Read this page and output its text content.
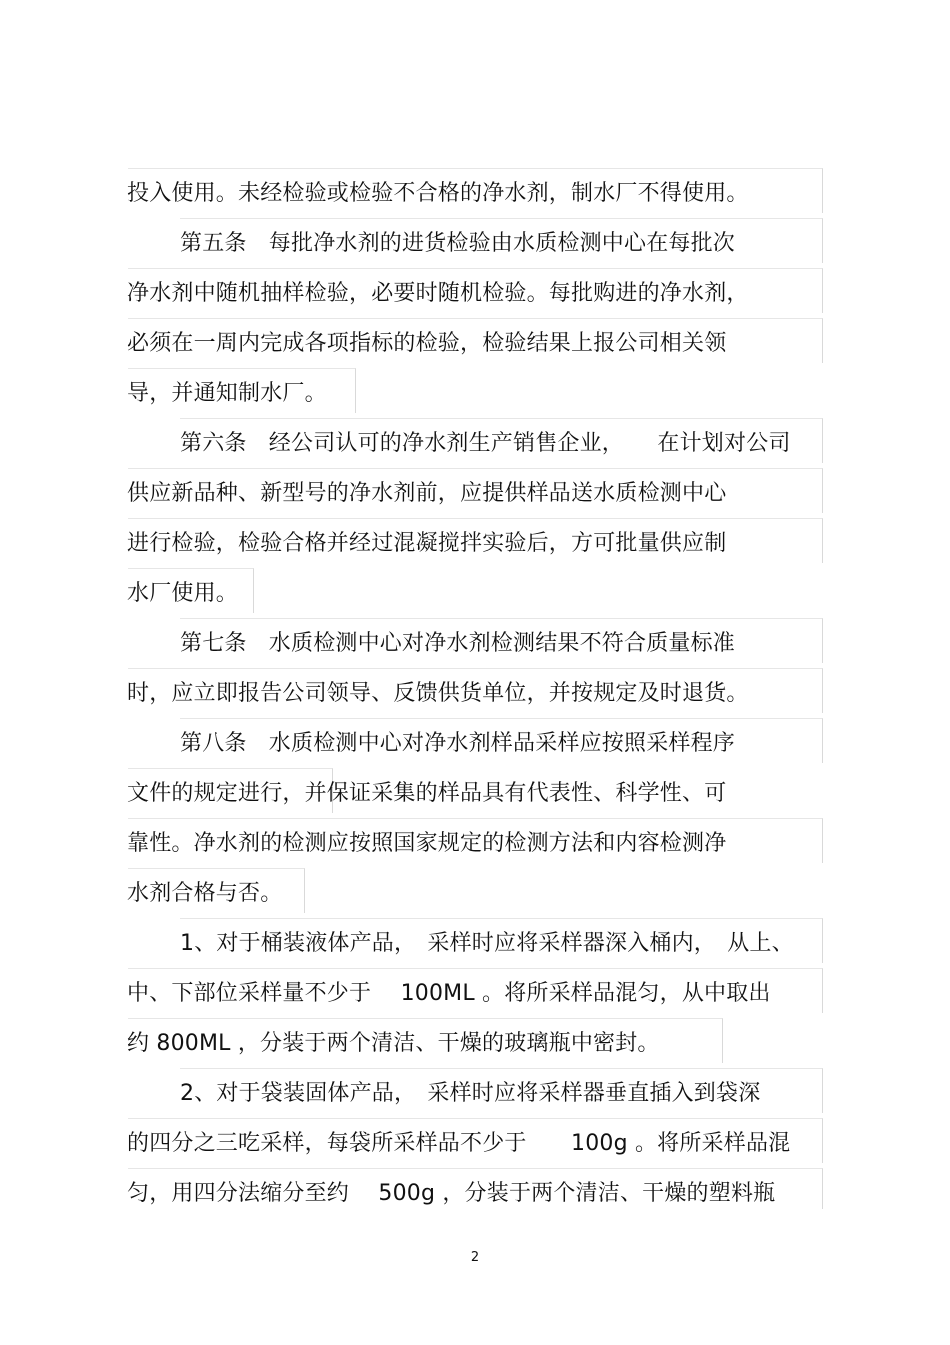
投入使用。未经检验或检验不合格的净水剂，制水厂不得使用。
第五条　每批净水剂的进货检验由水质检测中心在每批次
净水剂中随机抽样检验，必要时随机检验。每批购进的净水剂，
必须在一周内完成各项指标的检验，检验结果上报公司相关领
导，并通知制水厂。
第六条　经公司认可的净水剂生产销售企业，　　在计划对公司
供应新品种、新型号的净水剂前，应提供样品送水质检测中心
进行检验，检验合格并经过混凝搅拌实验后，方可批量供应制
水厂使用。
第七条　水质检测中心对净水剂检测结果不符合质量标准
时，应立即报告公司领导、反馈供货单位，并按规定及时退货。
第八条　水质检测中心对净水剂样品采样应按照采样程序
文件的规定进行，并保证采集的样品具有代表性、科学性、可
靠性。净水剂的检测应按照国家规定的检测方法和内容检测净
水剂合格与否。
1、对于桶装液体产品，　采样时应将采样器深入桶内，　从上、
中、下部位采样量不少于　 100ML 。将所采样品混匀，从中取出
约 800ML ，分装于两个清洁、干燥的玻璃瓶中密封。
2、对于袋装固体产品，　采样时应将采样器垂直插入到袋深
的四分之三吃采样，每袋所采样品不少于　　100g 。将所采样品混
匀，用四分法缩分至约　 500g ，分装于两个清洁、干燥的塑料瓶
2
